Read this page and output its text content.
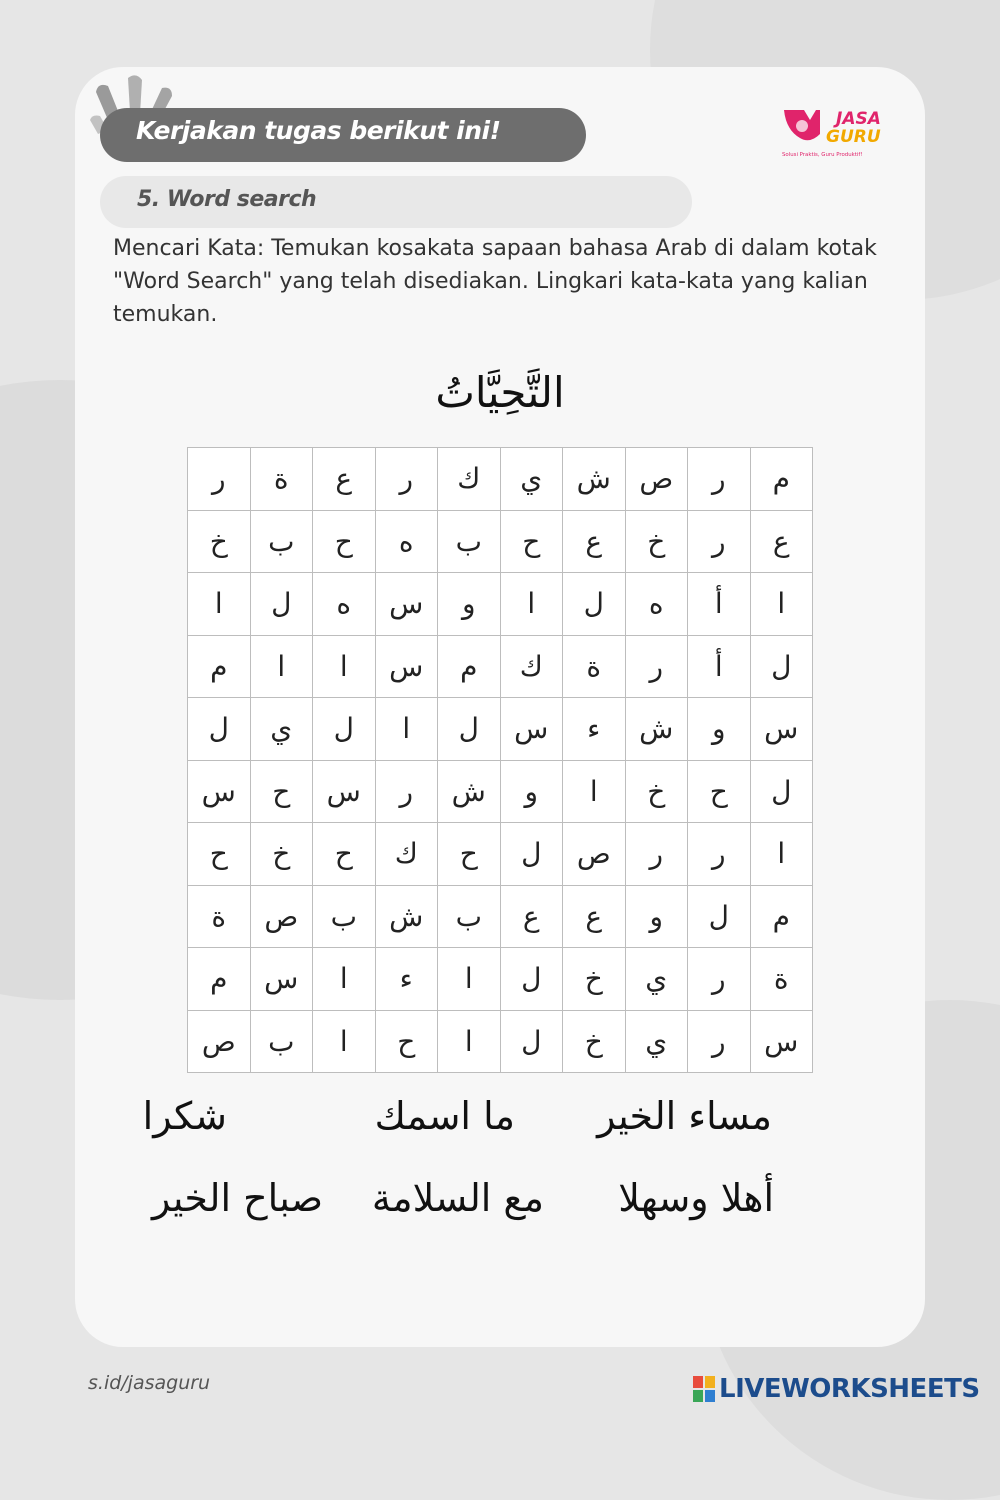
Kerjakan tugas berikut ini!
5. Word search
JASA
GURU
Solusi Praktis, Guru Produktif!
Mencari Kata: Temukan kosakata sapaan bahasa Arab di dalam kotak "Word Search" yang telah disediakan. Lingkari kata-kata yang kalian temukan.
التَّحِيَّاتُ
م	ر	ص	ش	ي	ك	ر	ع	ة	ر
ع	ر	خ	ع	ح	ب	ه	ح	ب	خ
ا	أ	ه	ل	ا	و	س	ه	ل	ا
ل	أ	ر	ة	ك	م	س	ا	ا	م
س	و	ش	ء	س	ل	ا	ل	ي	ل
ل	ح	خ	ا	و	ش	ر	س	ح	س
ا	ر	ر	ص	ل	ح	ك	ح	خ	ح
م	ل	و	ع	ع	ب	ش	ب	ص	ة
ة	ر	ي	خ	ل	ا	ء	ا	س	م
س	ر	ي	خ	ل	ا	ح	ا	ب	ص
مساء الخير
ما اسمك
شكرا
أهلا وسهلا
مع السلامة
صباح الخير
s.id/jasaguru	LIVEWORKSHEETS
